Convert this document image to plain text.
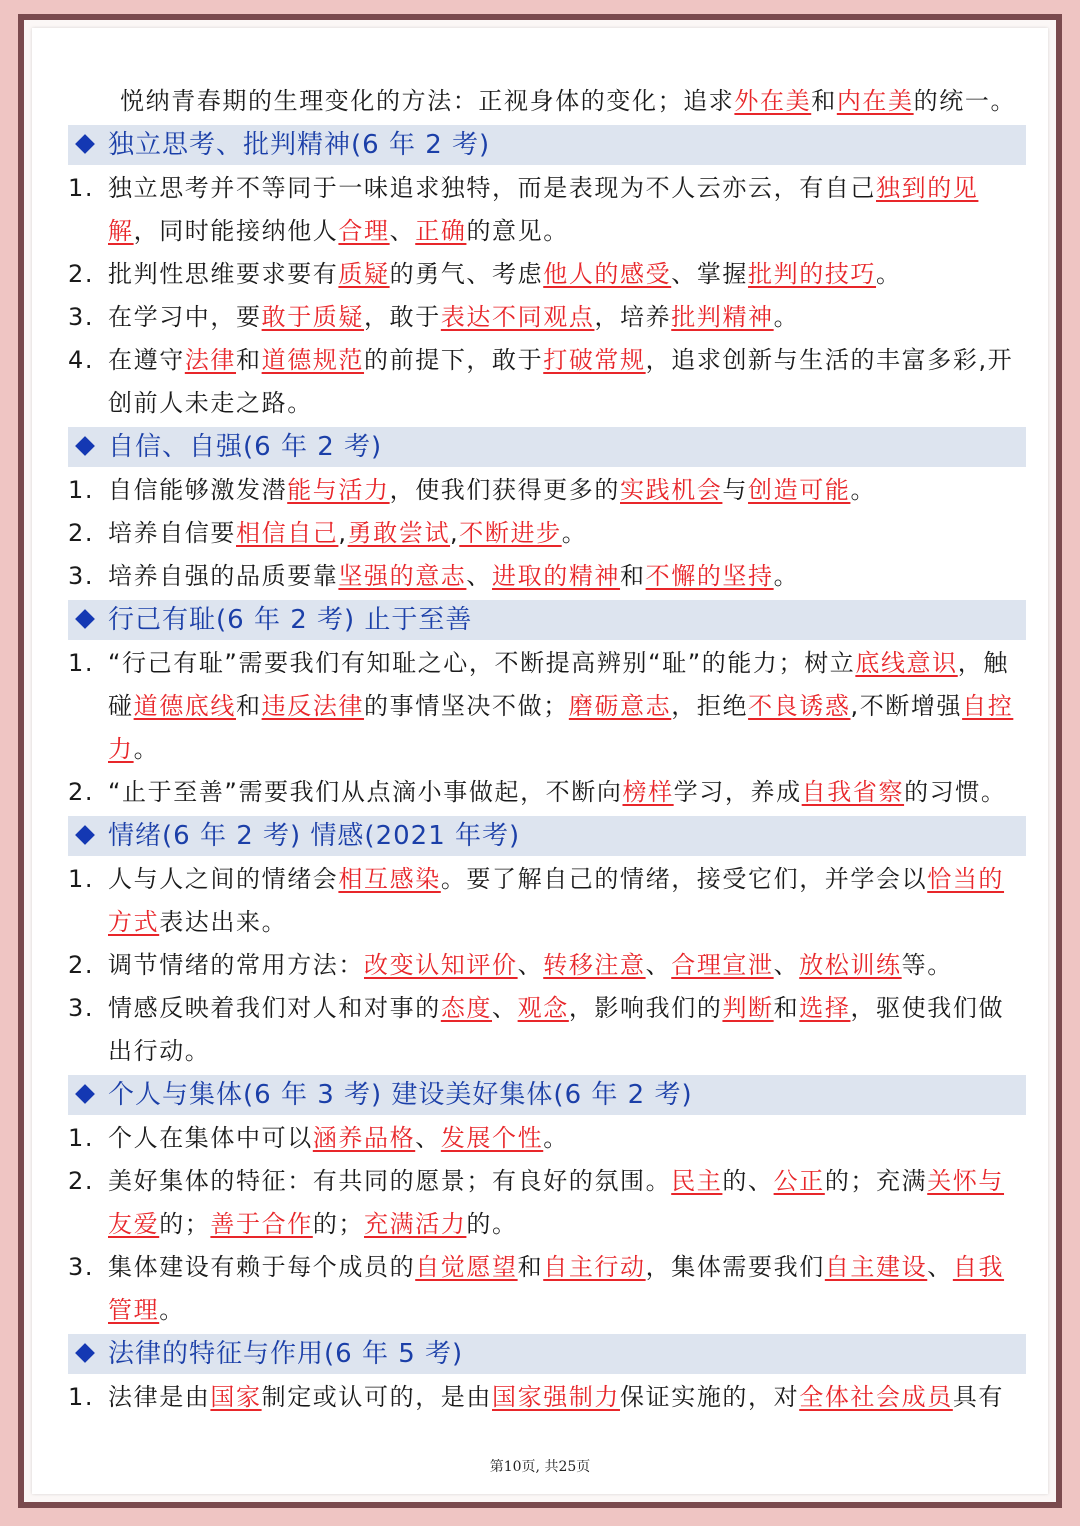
悦纳青春期的生理变化的方法：正视身体的变化；追求外在美和内在美的统一。
独立思考、批判精神(6 年 2 考)
1. 独立思考并不等同于一味追求独特，而是表现为不人云亦云，有自己独到的见解，同时能接纳他人合理、正确的意见。
2. 批判性思维要求要有质疑的勇气、考虑他人的感受、掌握批判的技巧。
3. 在学习中，要敢于质疑，敢于表达不同观点，培养批判精神。
4. 在遵守法律和道德规范的前提下，敢于打破常规，追求创新与生活的丰富多彩,开创前人未走之路。
自信、自强(6 年 2 考)
1. 自信能够激发潜能与活力，使我们获得更多的实践机会与创造可能。
2. 培养自信要相信自己,勇敢尝试,不断进步。
3. 培养自强的品质要靠坚强的意志、进取的精神和不懈的坚持。
行己有耻(6 年 2 考) 止于至善
1. “行己有耻”需要我们有知耻之心，不断提高辨别“耻”的能力；树立底线意识，触碰道德底线和违反法律的事情坚决不做；磨砺意志，拒绝不良诱惑,不断增强自控力。
2. “止于至善”需要我们从点滴小事做起，不断向榜样学习，养成自我省察的习惯。
情绪(6 年 2 考) 情感(2021 年考)
1. 人与人之间的情绪会相互感染。要了解自己的情绪，接受它们，并学会以恰当的方式表达出来。
2. 调节情绪的常用方法：改变认知评价、转移注意、合理宣泄、放松训练等。
3. 情感反映着我们对人和对事的态度、观念，影响我们的判断和选择，驱使我们做出行动。
个人与集体(6 年 3 考) 建设美好集体(6 年 2 考)
1. 个人在集体中可以涵养品格、发展个性。
2. 美好集体的特征：有共同的愿景；有良好的氛围。民主的、公正的；充满关怀与友爱的；善于合作的；充满活力的。
3. 集体建设有赖于每个成员的自觉愿望和自主行动，集体需要我们自主建设、自我管理。
法律的特征与作用(6 年 5 考)
1. 法律是由国家制定或认可的，是由国家强制力保证实施的，对全体社会成员具有
第10页, 共25页
